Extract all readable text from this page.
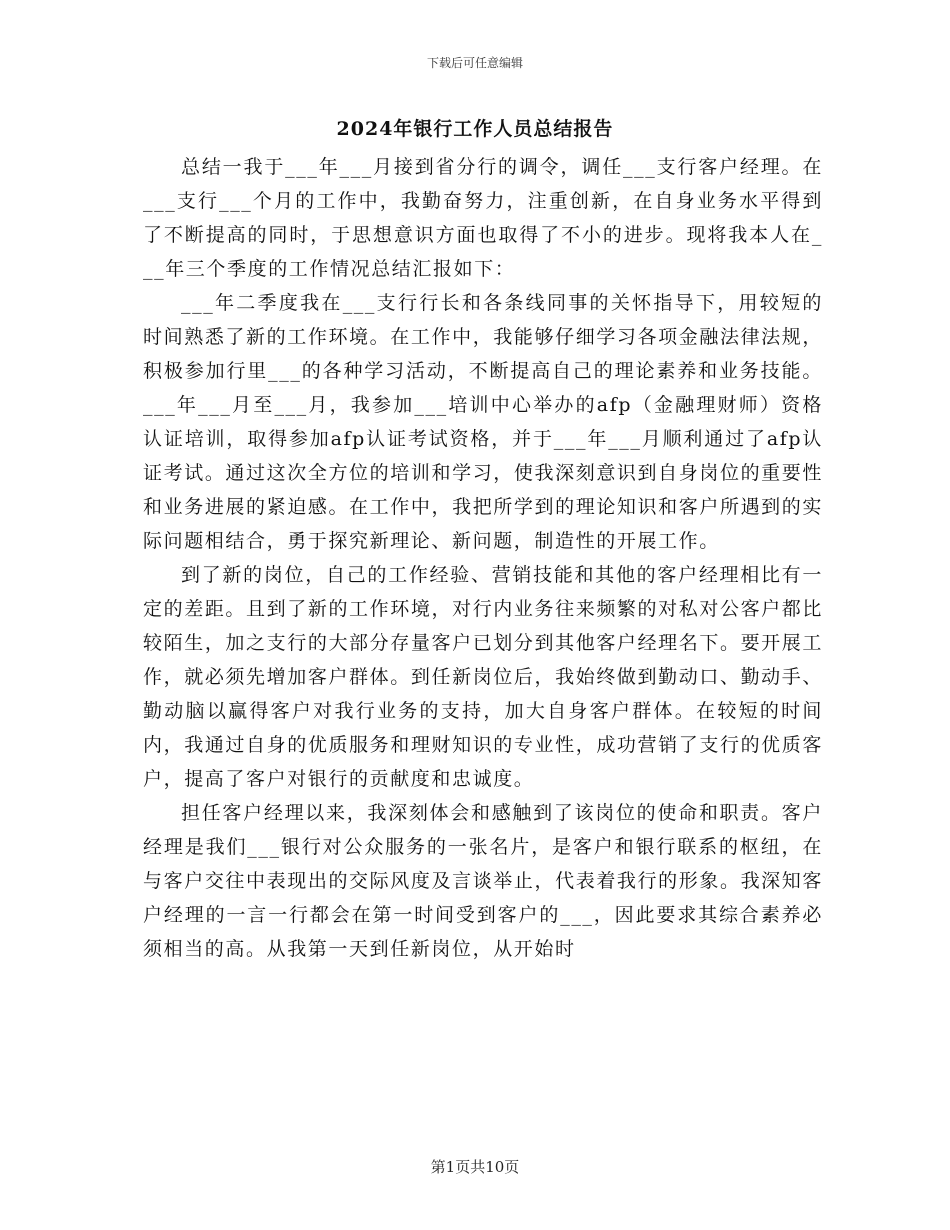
下载后可任意编辑
2024年银行工作人员总结报告

总结一我于___年___月接到省分行的调令，调任___支行客户经理。在___支行___个月的工作中，我勤奋努力，注重创新，在自身业务水平得到了不断提高的同时，于思想意识方面也取得了不小的进步。现将我本人在___年三个季度的工作情况总结汇报如下：

___年二季度我在___支行行长和各条线同事的关怀指导下，用较短的时间熟悉了新的工作环境。在工作中，我能够仔细学习各项金融法律法规，积极参加行里___的各种学习活动，不断提高自己的理论素养和业务技能。___年___月至___月，我参加___培训中心举办的afp（金融理财师）资格认证培训，取得参加afp认证考试资格，并于___年___月顺利通过了afp认证考试。通过这次全方位的培训和学习，使我深刻意识到自身岗位的重要性和业务进展的紧迫感。在工作中，我把所学到的理论知识和客户所遇到的实际问题相结合，勇于探究新理论、新问题，制造性的开展工作。

到了新的岗位，自己的工作经验、营销技能和其他的客户经理相比有一定的差距。且到了新的工作环境，对行内业务往来频繁的对私对公客户都比较陌生，加之支行的大部分存量客户已划分到其他客户经理名下。要开展工作，就必须先增加客户群体。到任新岗位后，我始终做到勤动口、勤动手、勤动脑以赢得客户对我行业务的支持，加大自身客户群体。在较短的时间内，我通过自身的优质服务和理财知识的专业性，成功营销了支行的优质客户，提高了客户对银行的贡献度和忠诚度。

担任客户经理以来，我深刻体会和感触到了该岗位的使命和职责。客户经理是我们___银行对公众服务的一张名片，是客户和银行联系的枢纽，在与客户交往中表现出的交际风度及言谈举止，代表着我行的形象。我深知客户经理的一言一行都会在第一时间受到客户的___，因此要求其综合素养必须相当的高。从我第一天到任新岗位，从开始时

第1页共10页
